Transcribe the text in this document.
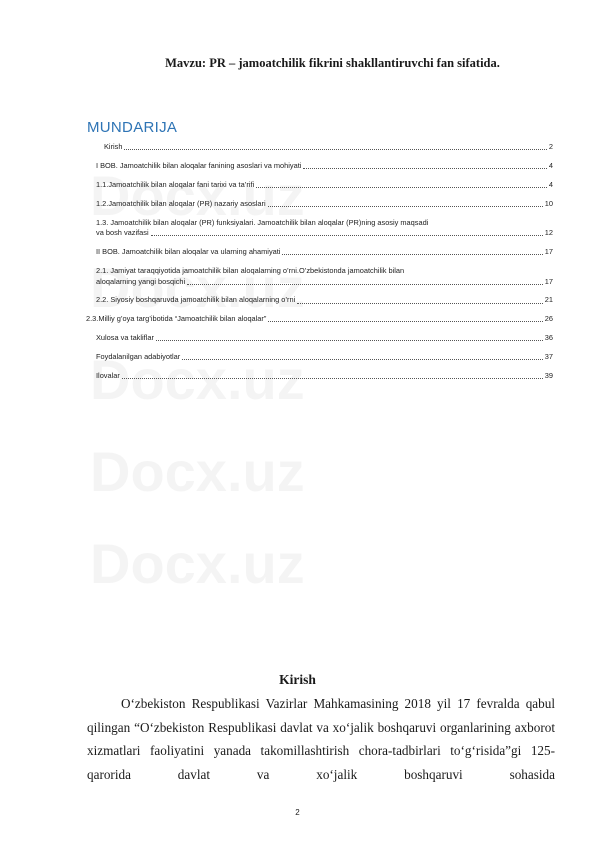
Mavzu: PR – jamoatchilik fikrini shakllantiruvchi fan sifatida.

MUNDARIJA
Kirish	2
I BOB. Jamoatchilik bilan aloqalar fanining asoslari va mohiyati	4
1.1.Jamoatchilik bilan aloqalar fani tarixi va ta’rifi	4
1.2.Jamoatchilik bilan aloqalar (PR) nazariy asoslari	10
1.3. Jamoatchilik bilan aloqalar (PR) funksiyalari. Jamoatchilik bilan aloqalar (PR)ning asosiy maqsadi
va bosh vazifasi	12
II BOB. Jamoatchilik bilan aloqalar va ularning ahamiyati	17
2.1. Jamiyat taraqqiyotida jamoatchilik bilan aloqalarning o’rni.O’zbekistonda jamoatchilik bilan
aloqalarning yangi bosqichi	17
2.2. Siyosiy boshqaruvda jamoatchilik bilan aloqalarning o’rni	21
2.3.Milliy g’oya targ’ibotida “Jamoatchilik bilan aloqalar”	26
Xulosa va takliflar	36
Foydalanilgan adabiyotlar	37
Ilovalar	39
Kirish
O‘zbekiston Respublikasi Vazirlar Mahkamasining 2018 yil 17 fevralda qabul qilingan “O‘zbekiston Respublikasi davlat va xo‘jalik boshqaruvi organlarining axborot xizmatlari faoliyatini yanada takomillashtirish chora-tadbirlari to‘g‘risida”gi 125-qarorida davlat va xo‘jalik boshqaruvi sohasida
2
